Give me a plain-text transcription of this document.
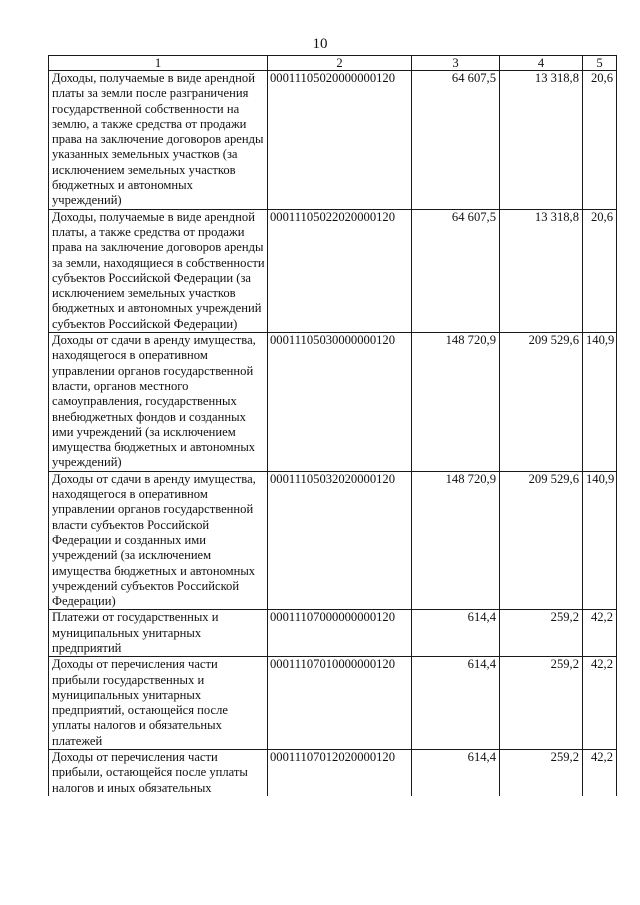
10
1	2	3	4	5
Доходы, получаемые в виде арендной платы за земли после разграничения государственной собственности на землю, а также средства от продажи права на заключение договоров аренды указанных земельных участков (за исключением земельных участков бюджетных и автономных учреждений)	00011105020000000120	64 607,5	13 318,8	20,6
Доходы, получаемые в виде арендной платы, а также средства от продажи права на заключение договоров аренды за земли, находящиеся в собственности субъектов Российской Федерации (за исключением земельных участков бюджетных и автономных учреждений субъектов Российской Федерации)	00011105022020000120	64 607,5	13 318,8	20,6
Доходы от сдачи в аренду имущества, находящегося в оперативном управлении органов государственной власти, органов местного самоуправления, государственных внебюджетных фондов и созданных ими учреждений (за исключением имущества бюджетных и автономных учреждений)	00011105030000000120	148 720,9	209 529,6	140,9
Доходы от сдачи в аренду имущества, находящегося в оперативном управлении органов государственной власти субъектов Российской Федерации и созданных ими учреждений (за исключением имущества бюджетных и автономных учреждений субъектов Российской Федерации)	00011105032020000120	148 720,9	209 529,6	140,9
Платежи от государственных и муниципальных унитарных предприятий	00011107000000000120	614,4	259,2	42,2
Доходы от перечисления части прибыли государственных и муниципальных унитарных предприятий, остающейся после уплаты налогов и обязательных платежей	00011107010000000120	614,4	259,2	42,2
Доходы от перечисления части прибыли, остающейся после уплаты налогов и иных обязательных	00011107012020000120	614,4	259,2	42,2
